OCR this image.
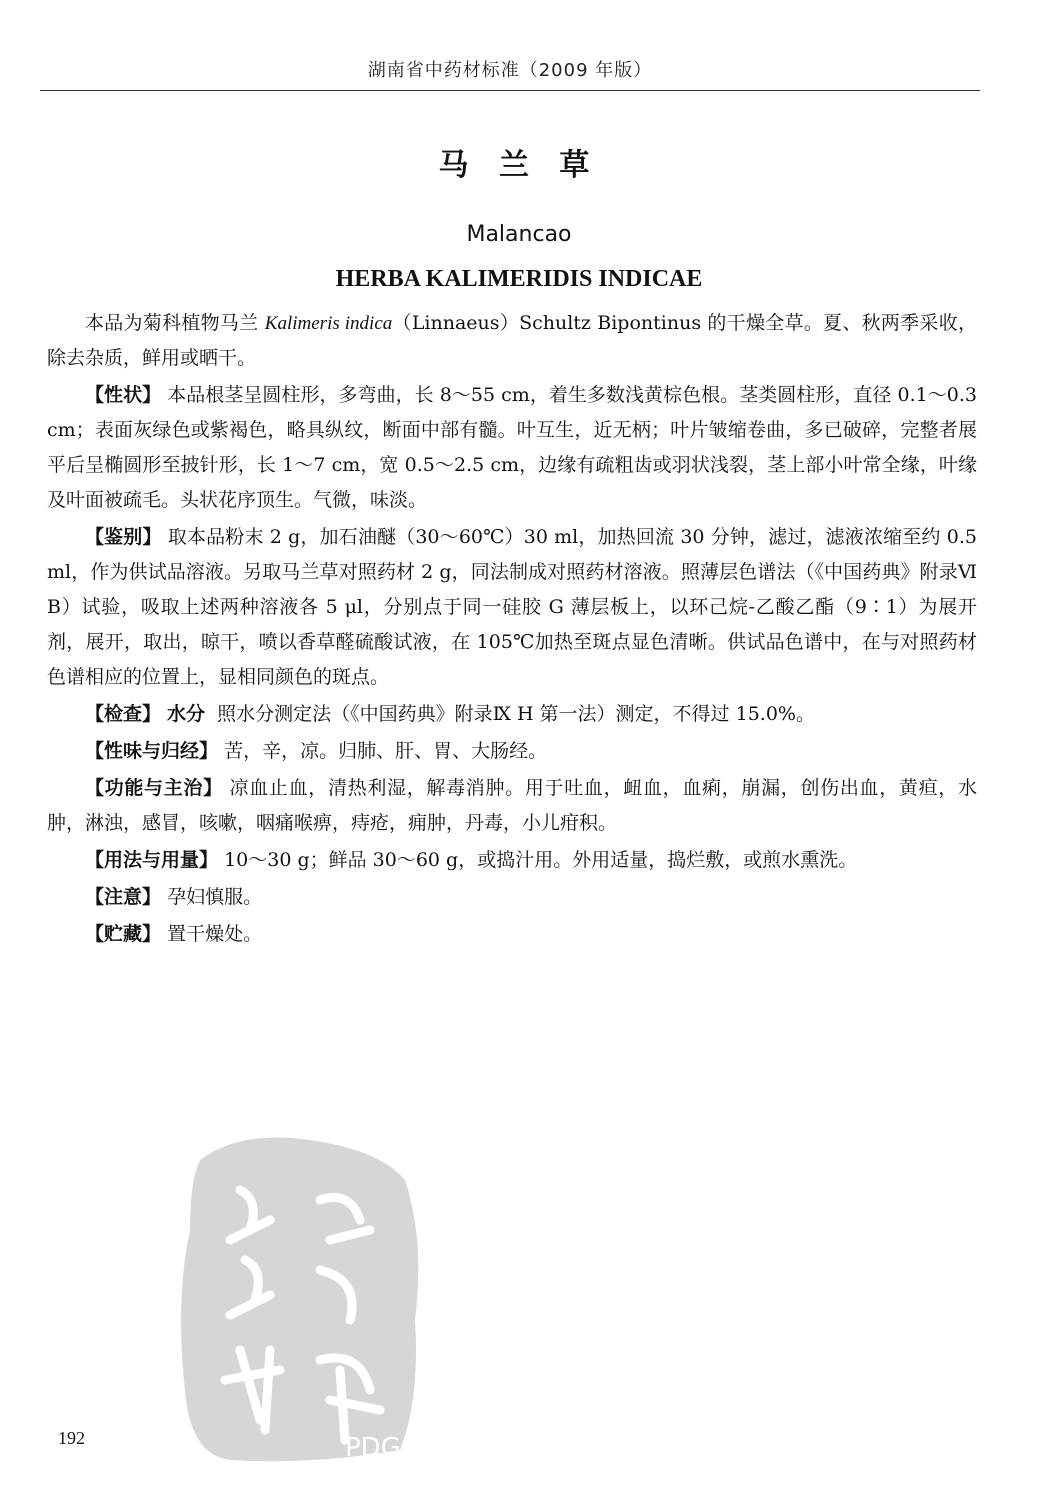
湖南省中药材标准（2009 年版）
马 兰 草
Malancao
HERBA KALIMERIDIS INDICAE

本品为菊科植物马兰 Kalimeris indica（Linnaeus）Schultz Bipontinus 的干燥全草。夏、秋两季采收，除去杂质，鲜用或晒干。

【性状】 本品根茎呈圆柱形，多弯曲，长 8～55 cm，着生多数浅黄棕色根。茎类圆柱形，直径 0.1～0.3 cm；表面灰绿色或紫褐色，略具纵纹，断面中部有髓。叶互生，近无柄；叶片皱缩卷曲，多已破碎，完整者展平后呈椭圆形至披针形，长 1～7 cm，宽 0.5～2.5 cm，边缘有疏粗齿或羽状浅裂，茎上部小叶常全缘，叶缘及叶面被疏毛。头状花序顶生。气微，味淡。

【鉴别】 取本品粉末 2 g，加石油醚（30～60℃）30 ml，加热回流 30 分钟，滤过，滤液浓缩至约 0.5 ml，作为供试品溶液。另取马兰草对照药材 2 g，同法制成对照药材溶液。照薄层色谱法（《中国药典》附录Ⅵ B）试验，吸取上述两种溶液各 5 μl，分别点于同一硅胶 G 薄层板上，以环己烷-乙酸乙酯（9∶1）为展开剂，展开，取出，晾干，喷以香草醛硫酸试液，在 105℃加热至斑点显色清晰。供试品色谱中，在与对照药材色谱相应的位置上，显相同颜色的斑点。

【检查】 水分 照水分测定法（《中国药典》附录Ⅸ H 第一法）测定，不得过 15.0%。

【性味与归经】 苦，辛，凉。归肺、肝、胃、大肠经。

【功能与主治】 凉血止血，清热利湿，解毒消肿。用于吐血，衄血，血痢，崩漏，创伤出血，黄疸，水肿，淋浊，感冒，咳嗽，咽痛喉痹，痔疮，痈肿，丹毒，小儿疳积。

【用法与用量】 10～30 g；鲜品 30～60 g，或捣汁用。外用适量，捣烂敷，或煎水熏洗。

【注意】 孕妇慎服。

【贮藏】 置干燥处。

PDG
192
